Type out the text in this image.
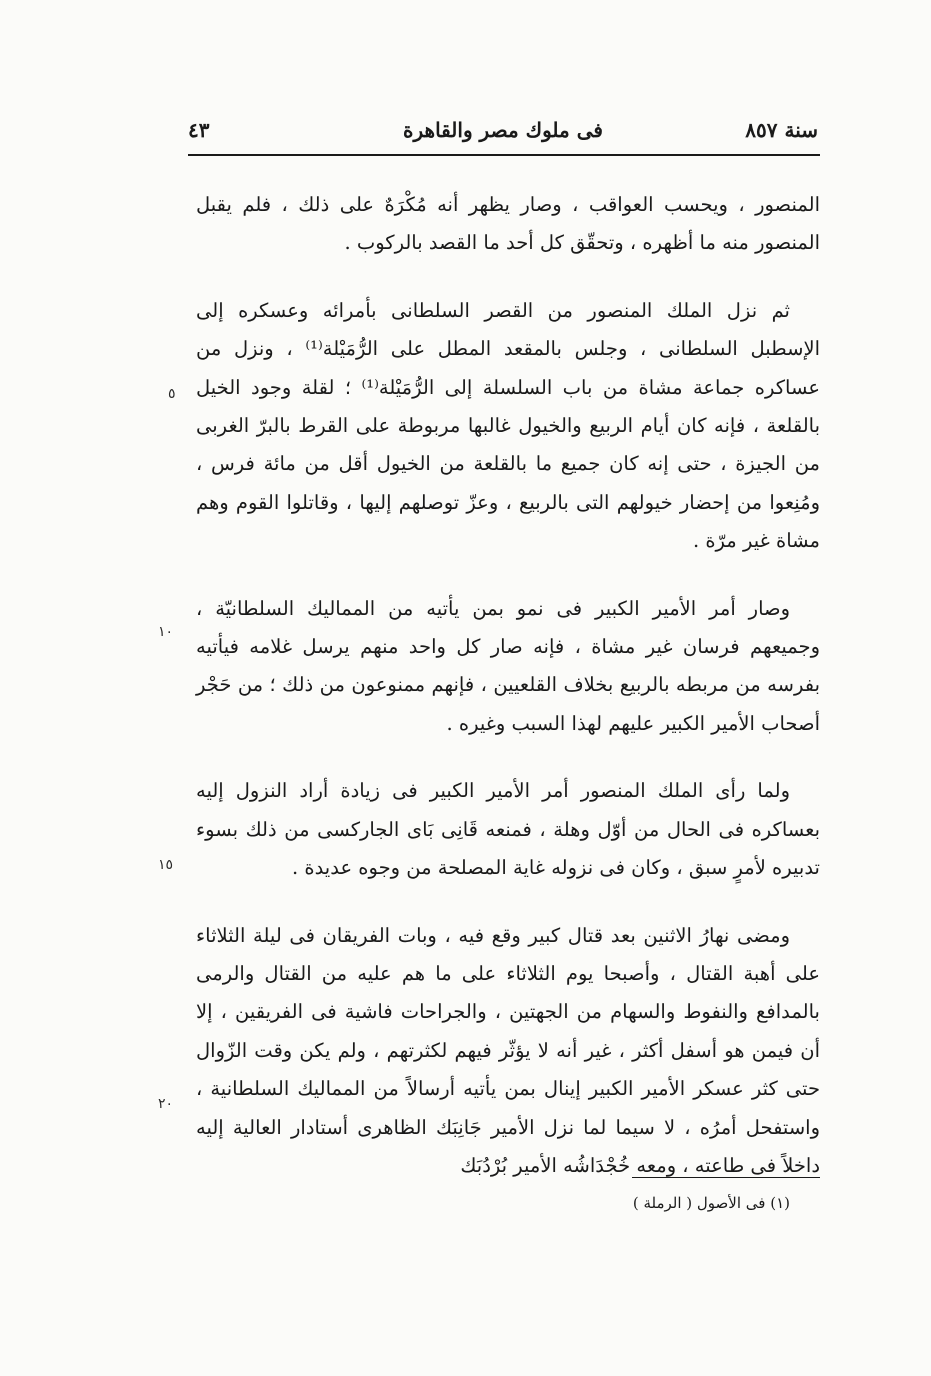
سنة ٨٥٧
فى ملوك مصر والقاهرة
٤٣

المنصور ، ويحسب العواقب ، وصار يظهر أنه مُكْرَهٌ على ذلك ، فلم يقبل المنصور منه ما أظهره ، وتحقّق كل أحد ما القصد بالركوب .

ثم نزل الملك المنصور من القصر السلطانى بأمرائه وعسكره إلى الإسطبل السلطانى ، وجلس بالمقعد المطل على الرُّمَيْلة⁽¹⁾ ، ونزل من عساكره جماعة مشاة من باب السلسلة إلى الرُّمَيْلة⁽¹⁾ ؛ لقلة وجود الخيل بالقلعة ، فإنه كان أيام الربيع والخيول غالبها مربوطة على القرط بالبرّ الغربى من الجيزة ، حتى إنه كان جميع ما بالقلعة من الخيول أقل من مائة فرس ، ومُنِعوا من إحضار خيولهم التى بالربيع ، وعزّ توصلهم إليها ، وقاتلوا القوم وهم مشاة غير مرّة .

وصار أمر الأمير الكبير فى نمو بمن يأتيه من المماليك السلطانيّة ، وجميعهم فرسان غير مشاة ، فإنه صار كل واحد منهم يرسل غلامه فيأتيه بفرسه من مربطه بالربيع بخلاف القلعيين ، فإنهم ممنوعون من ذلك ؛ من حَجْر أصحاب الأمير الكبير عليهم لهذا السبب وغيره .

ولما رأى الملك المنصور أمر الأمير الكبير فى زيادة أراد النزول إليه بعساكره فى الحال من أوّل وهلة ، فمنعه قَانِى بَاى الجاركسى من ذلك بسوء تدبيره لأمرٍ سبق ، وكان فى نزوله غاية المصلحة من وجوه عديدة .

ومضى نهارُ الاثنين بعد قتال كبير وقع فيه ، وبات الفريقان فى ليلة الثلاثاء على أهبة القتال ، وأصبحا يوم الثلاثاء على ما هم عليه من القتال والرمى بالمدافع والنفوط والسهام من الجهتين ، والجراحات فاشية فى الفريقين ، إلا أن فيمن هو أسفل أكثر ، غير أنه لا يؤثّر فيهم لكثرتهم ، ولم يكن وقت الزّوال حتى كثر عسكر الأمير الكبير إينال بمن يأتيه أرسالاً من المماليك السلطانية ، واستفحل أمرُه ، لا سيما لما نزل الأمير جَانِبَك الظاهرى أستادار العالية إليه داخلاً فى طاعته ، ومعه خُجْدَاشُه الأمير بُرْدُبَك

٥
١٠
١٥
٢٠
(١) فى الأصول ( الرملة )
